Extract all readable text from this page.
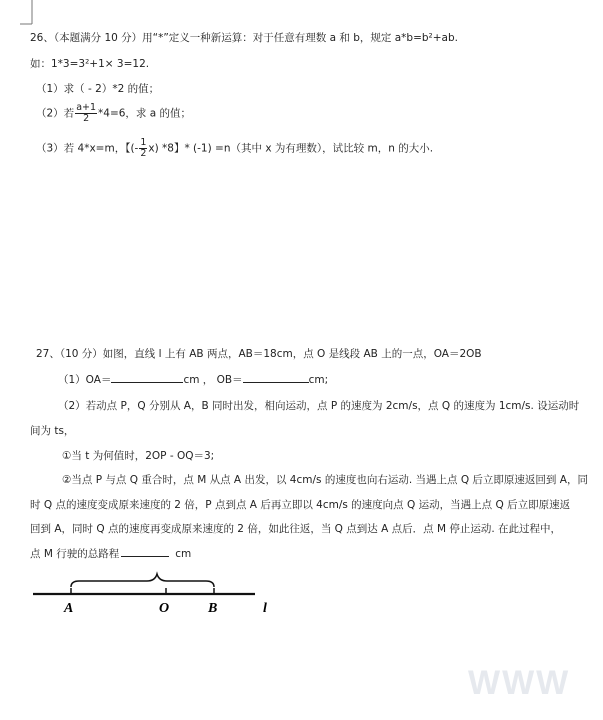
26、（本题满分 10 分）用“*”定义一种新运算：对于任意有理数 a 和 b，规定 a*b=b²+ab.
如：1*3=3²+1× 3=12.
（1）求（ - 2）*2 的值；
（2）若 $\frac{a+1}{2} *4=6$，求 a 的值；
（3）若 4*x=m，【(- $\frac{1}{2} x$) *8】* (-1) =n（其中 x 为有理数），试比较 m，n 的大小.
27、（10 分）如图，直线 l 上有 AB 两点，AB＝18cm，点 O 是线段 AB 上的一点，OA＝2OB
（1）OA＝	cm ， OB＝	cm;
（2）若动点 P，Q 分别从 A，B 同时出发，相向运动，点 P 的速度为 2cm/s，点 Q 的速度为 1cm/s. 设运动时
间为 ts，
①当 t 为何值时，2OP - OQ＝3;
②当点 P 与点 Q 重合时，点 M 从点 A 出发，以 4cm/s 的速度也向右运动. 当遇上点 Q 后立即原速返回到 A，同
时 Q 点的速度变成原来速度的 2 倍，P 点到点 A 后再立即以 4cm/s 的速度向点 Q 运动，当遇上点 Q 后立即原速返
回到 A，同时 Q 点的速度再变成原来速度的 2 倍，如此往返，当 Q 点到达 A 点后．点 M 停止运动. 在此过程中，
点 M 行驶的总路程	cm
A	O	B	l
WWW
